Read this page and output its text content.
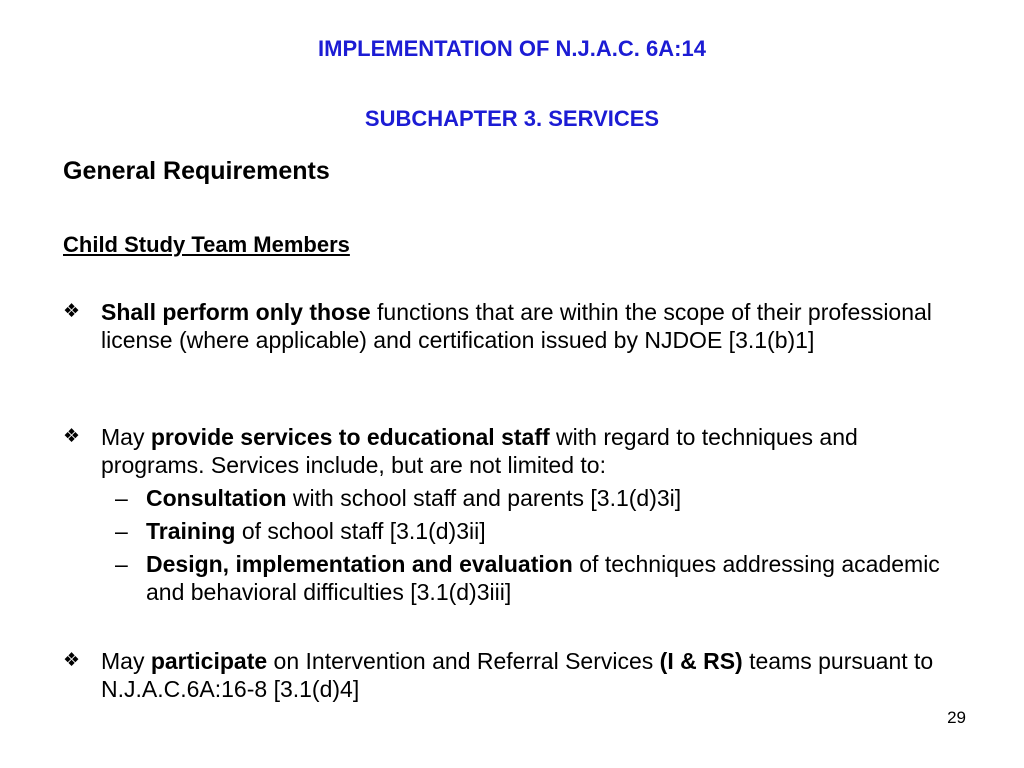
IMPLEMENTATION OF N.J.A.C. 6A:14
SUBCHAPTER 3. SERVICES
General Requirements
Child Study Team Members
❖ Shall perform only those functions that are within the scope of their professional license (where applicable) and certification issued by NJDOE [3.1(b)1]
❖ May provide services to educational staff with regard to techniques and programs. Services include, but are not limited to:
– Consultation with school staff and parents [3.1(d)3i]
– Training of school staff [3.1(d)3ii]
– Design, implementation and evaluation of techniques addressing academic and behavioral difficulties [3.1(d)3iii]
❖ May participate on Intervention and Referral Services (I & RS) teams pursuant to N.J.A.C.6A:16-8 [3.1(d)4]
29
